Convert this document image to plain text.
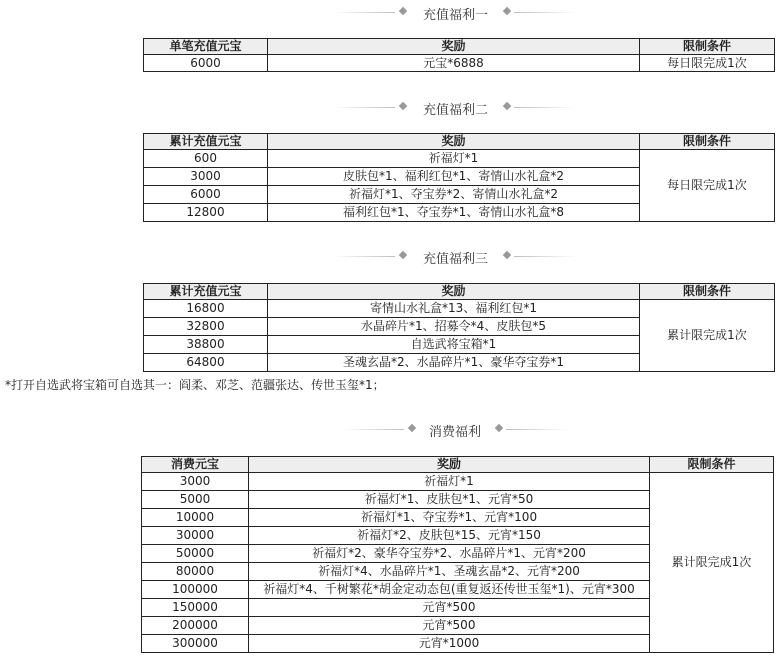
充值福利一
单笔充值元宝	奖励	限制条件
6000	元宝*6888	每日限完成1次
充值福利二
累计充值元宝	奖励	限制条件
600	祈福灯*1	每日限完成1次
3000	皮肤包*1、福利红包*1、寄情山水礼盒*2	
6000	祈福灯*1、夺宝券*2、寄情山水礼盒*2	
12800	福利红包*1、夺宝券*1、寄情山水礼盒*8	
充值福利三
累计充值元宝	奖励	限制条件
16800	寄情山水礼盒*13、福利红包*1	累计限完成1次
32800	水晶碎片*1、招募令*4、皮肤包*5	
38800	自选武将宝箱*1	
64800	圣魂玄晶*2、水晶碎片*1、豪华夺宝券*1	
*打开自选武将宝箱可自选其一：阎柔、邓芝、范疆张达、传世玉玺*1；
消费福利
消费元宝	奖励	限制条件
3000	祈福灯*1	累计限完成1次
5000	祈福灯*1、皮肤包*1、元宵*50	
10000	祈福灯*1、夺宝券*1、元宵*100	
30000	祈福灯*2、皮肤包*15、元宵*150	
50000	祈福灯*2、豪华夺宝券*2、水晶碎片*1、元宵*200	
80000	祈福灯*4、水晶碎片*1、圣魂玄晶*2、元宵*200	
100000	祈福灯*4、千树繁花*胡金定动态包(重复返还传世玉玺*1)、元宵*300	
150000	元宵*500	
200000	元宵*500	
300000	元宵*1000	
